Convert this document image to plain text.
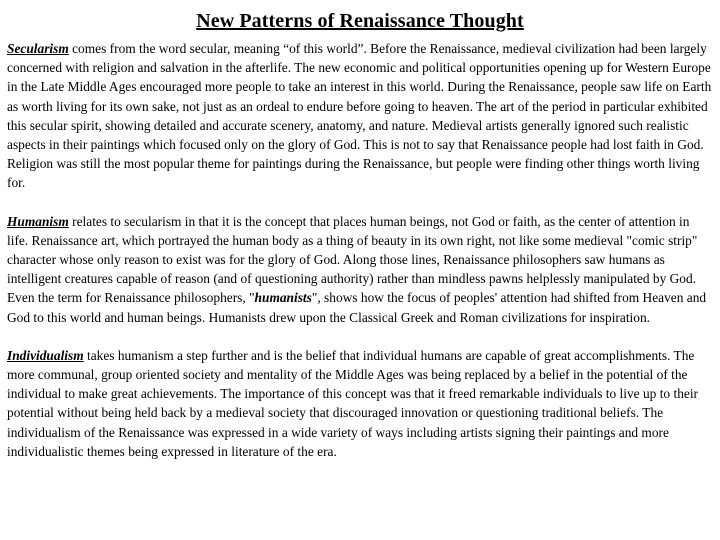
New Patterns of Renaissance Thought

Secularism comes from the word secular, meaning “of this world”. Before the Renaissance, medieval civilization had been largely concerned with religion and salvation in the afterlife. The new economic and political opportunities opening up for Western Europe in the Late Middle Ages encouraged more people to take an interest in this world. During the Renaissance, people saw life on Earth as worth living for its own sake, not just as an ordeal to endure before going to heaven. The art of the period in particular exhibited this secular spirit, showing detailed and accurate scenery, anatomy, and nature. Medieval artists generally ignored such realistic aspects in their paintings which focused only on the glory of God. This is not to say that Renaissance people had lost faith in God. Religion was still the most popular theme for paintings during the Renaissance, but people were finding other things worth living for.

Humanism relates to secularism in that it is the concept that places human beings, not God or faith, as the center of attention in life. Renaissance art, which portrayed the human body as a thing of beauty in its own right, not like some medieval "comic strip" character whose only reason to exist was for the glory of God. Along those lines, Renaissance philosophers saw humans as intelligent creatures capable of reason (and of questioning authority) rather than mindless pawns helplessly manipulated by God. Even the term for Renaissance philosophers, "humanists", shows how the focus of peoples' attention had shifted from Heaven and God to this world and human beings. Humanists drew upon the Classical Greek and Roman civilizations for inspiration.

Individualism takes humanism a step further and is the belief that individual humans are capable of great accomplishments. The more communal, group oriented society and mentality of the Middle Ages was being replaced by a belief in the potential of the individual to make great achievements. The importance of this concept was that it freed remarkable individuals to live up to their potential without being held back by a medieval society that discouraged innovation or questioning traditional beliefs. The individualism of the Renaissance was expressed in a wide variety of ways including artists signing their paintings and more individualistic themes being expressed in literature of the era.
